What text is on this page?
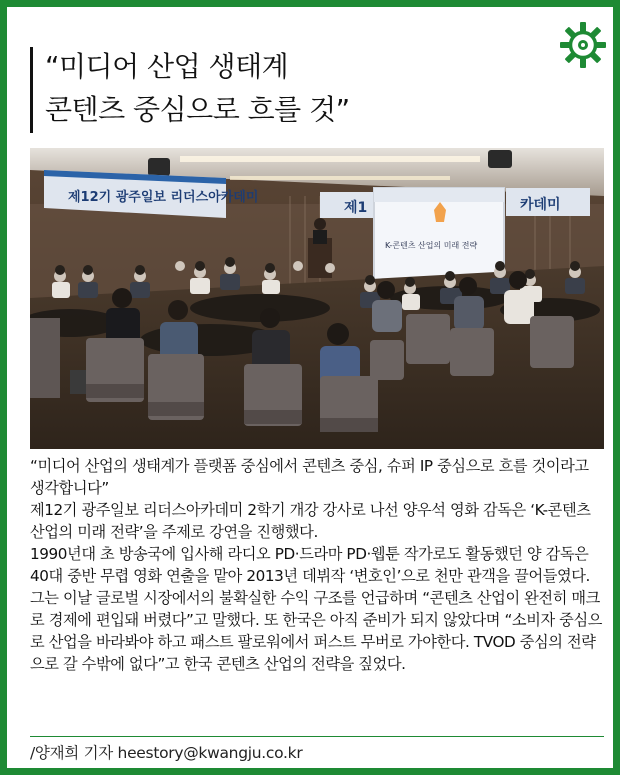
“미디어 산업 생태계
콘텐츠 중심으로 흐를 것”
제12기 광주일보 리더스아카데미
제1	카데미
K-콘텐츠 산업의 미래 전략

“미디어 산업의 생태계가 플랫폼 중심에서 콘텐츠 중심, 슈퍼 IP 중심으로 흐를 것이라고 생각합니다”

제12기 광주일보 리더스아카데미 2학기 개강 강사로 나선 양우석 영화 감독은 ‘K-콘텐츠 산업의 미래 전략’을 주제로 강연을 진행했다.

1990년대 초 방송국에 입사해 라디오 PD·드라마 PD·웹툰 작가로도 활동했던 양 감독은 40대 중반 무렵 영화 연출을 맡아 2013년 데뷔작 ‘변호인’으로 천만 관객을 끌어들였다.

그는 이날 글로벌 시장에서의 불확실한 수익 구조를 언급하며 “콘텐츠 산업이 완전히 매크로 경제에 편입돼 버렸다”고 말했다. 또 한국은 아직 준비가 되지 않았다며 “소비자 중심으로 산업을 바라봐야 하고 패스트 팔로워에서 퍼스트 무버로 가야한다. TVOD 중심의 전략으로 갈 수밖에 없다”고 한국 콘텐츠 산업의 전략을 짚었다.

/양재희 기자 heestory@kwangju.co.kr
